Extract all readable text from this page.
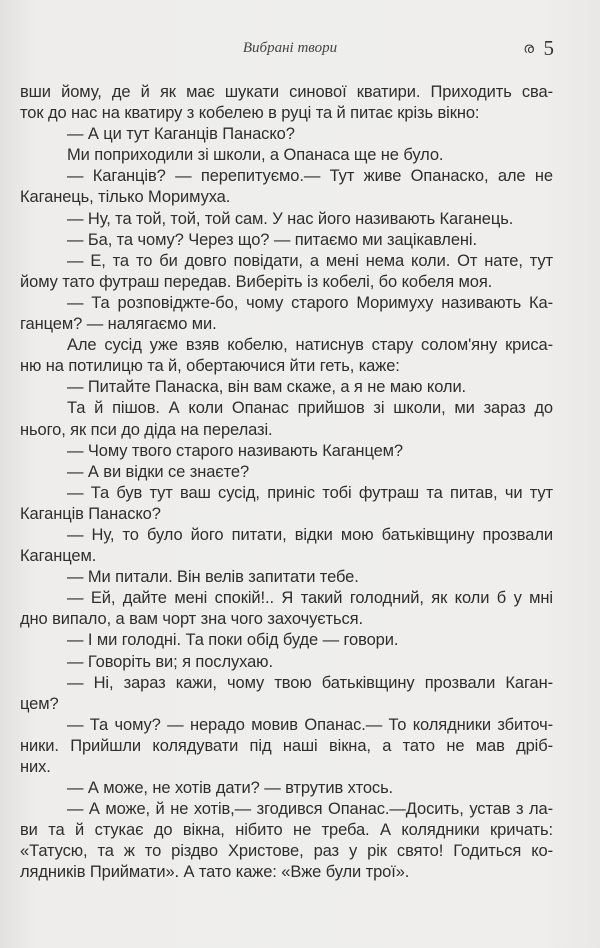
Вибрані твори	ര 5
вши йому, де й як має шукати синової кватири. Приходить сва-
ток до нас на кватиру з кобелею в руці та й питає крізь вікно:
— А ци тут Каганців Панаско?
Ми поприходили зі школи, а Опанаса ще не було.
— Каганців? — перепитуємо.— Тут живе Опанаско, але не
Каганець, тілько Моримуха.
— Ну, та той, той, той сам. У нас його називають Каганець.
— Ба, та чому? Через що? — питаємо ми зацікавлені.
— Е, та то би довго повідати, а мені нема коли. От нате, тут
йому тато футраш передав. Виберіть із кобелі, бо кобеля моя.
— Та розповіджте-бо, чому старого Моримуху називають Ка-
ганцем? — налягаємо ми.
Але сусід уже взяв кобелю, натиснув стару солом'яну криса-
ню на потилицю та й, обертаючися йти геть, каже:
— Питайте Панаска, він вам скаже, а я не маю коли.
Та й пішов. А коли Опанас прийшов зі школи, ми зараз до
нього, як пси до діда на перелазі.
— Чому твого старого називають Каганцем?
— А ви відки се знаєте?
— Та був тут ваш сусід, приніс тобі футраш та питав, чи тут
Каганців Панаско?
— Ну, то було його питати, відки мою батьківщину прозвали
Каганцем.
— Ми питали. Він велів запитати тебе.
— Ей, дайте мені спокій!.. Я такий голодний, як коли б у мні
дно випало, а вам чорт зна чого захочується.
— І ми голодні. Та поки обід буде — говори.
— Говоріть ви; я послухаю.
— Ні, зараз кажи, чому твою батьківщину прозвали Каган-
цем?
— Та чому? — нерадо мовив Опанас.— То колядники збиточ-
ники. Прийшли колядувати під наші вікна, а тато не мав дріб-
них.
— А може, не хотів дати? — втрутив хтось.
— А може, й не хотів,— згодився Опанас.—Досить, устав з ла-
ви та й стукає до вікна, нібито не треба. А колядники кричать:
«Татусю, та ж то різдво Христове, раз у рік свято! Годиться ко-
лядників Приймати». А тато каже: «Вже були трої».
